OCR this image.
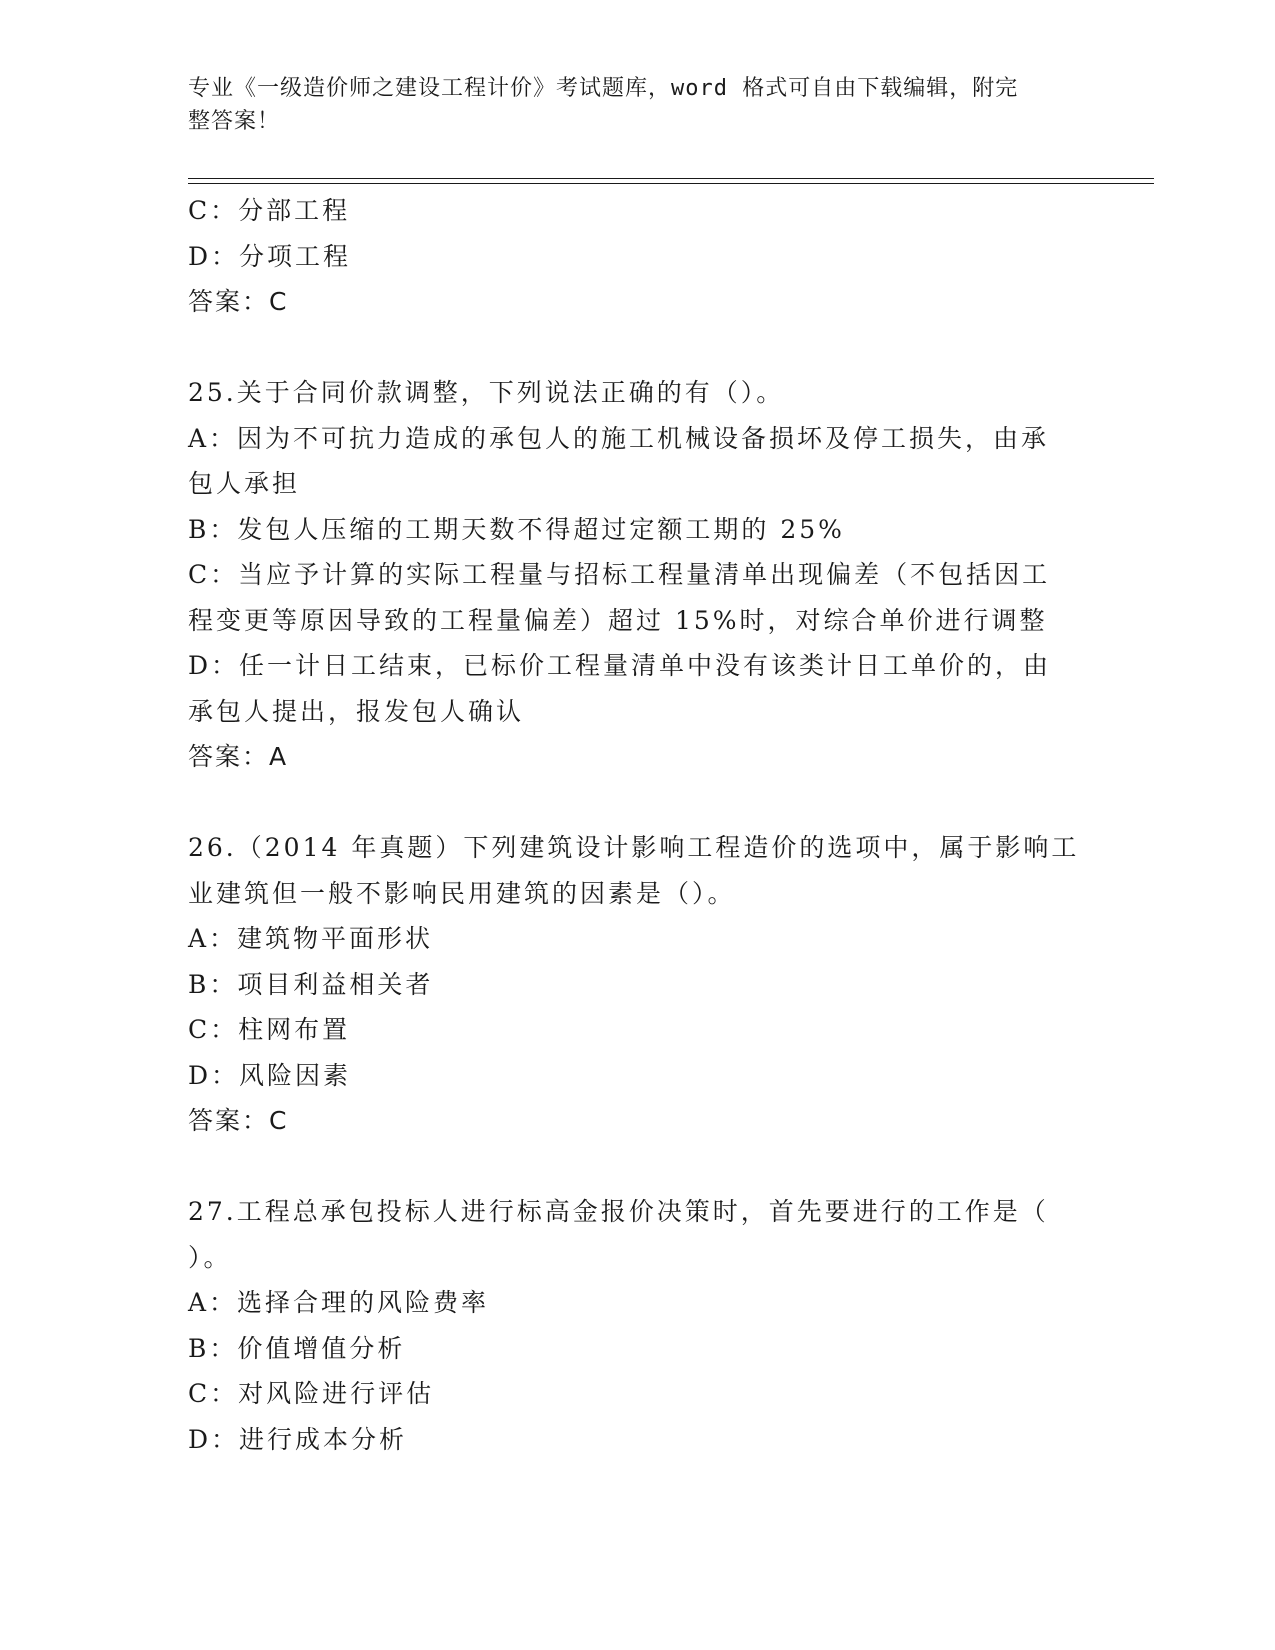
专业《一级造价师之建设工程计价》考试题库，word 格式可自由下载编辑，附完
整答案！
C：分部工程
D：分项工程
答案：C
25.关于合同价款调整，下列说法正确的有（）。
A：因为不可抗力造成的承包人的施工机械设备损坏及停工损失，由承
包人承担
B：发包人压缩的工期天数不得超过定额工期的 25%
C：当应予计算的实际工程量与招标工程量清单出现偏差（不包括因工
程变更等原因导致的工程量偏差）超过 15%时，对综合单价进行调整
D：任一计日工结束，已标价工程量清单中没有该类计日工单价的，由
承包人提出，报发包人确认
答案：A
26.（2014 年真题）下列建筑设计影响工程造价的选项中，属于影响工
业建筑但一般不影响民用建筑的因素是（）。
A：建筑物平面形状
B：项目利益相关者
C：柱网布置
D：风险因素
答案：C
27.工程总承包投标人进行标高金报价决策时，首先要进行的工作是（
）。
A：选择合理的风险费率
B：价值增值分析
C：对风险进行评估
D：进行成本分析
